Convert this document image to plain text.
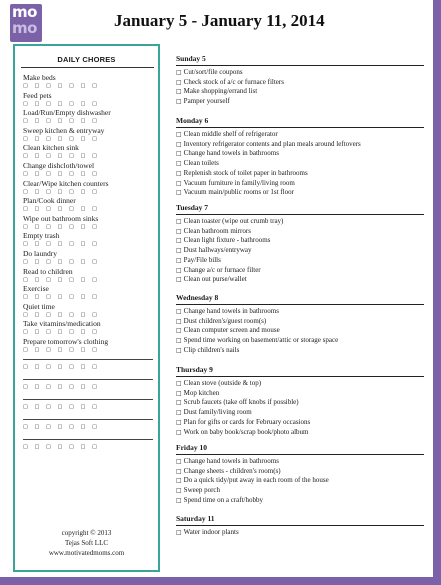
mo
mo	January 5 - January 11, 2014
DAILY CHORES
Make beds
□ □ □ □ □ □ □
Feed pets
□ □ □ □ □ □ □
Load/Run/Empty dishwasher
□ □ □ □ □ □ □
Sweep kitchen & entryway
□ □ □ □ □ □ □
Clean kitchen sink
□ □ □ □ □ □ □
Change dishcloth/towel
□ □ □ □ □ □ □
Clear/Wipe kitchen counters
□ □ □ □ □ □ □
Plan/Cook dinner
□ □ □ □ □ □ □
Wipe out bathroom sinks
□ □ □ □ □ □ □
Empty trash
□ □ □ □ □ □ □
Do laundry
□ □ □ □ □ □ □
Read to children
□ □ □ □ □ □ □
Exercise
□ □ □ □ □ □ □
Quiet time
□ □ □ □ □ □ □
Take vitamins/medication
□ □ □ □ □ □ □
Prepare tomorrow's clothing
□ □ □ □ □ □ □
□ □ □ □ □ □ □
□ □ □ □ □ □ □
□ □ □ □ □ □ □
□ □ □ □ □ □ □
□ □ □ □ □ □ □
copyright © 2013
Tejas Soft LLC
www.motivatedmoms.com
Sunday 5
□ Cut/sort/file coupons
□ Check stock of a/c or furnace filters
□ Make shopping/errand list
□ Pamper yourself
Monday 6
□ Clean middle shelf of refrigerator
□ Inventory refrigerator contents and plan meals around leftovers
□ Change hand towels in bathrooms
□ Clean toilets
□ Replenish stock of toilet paper in bathrooms
□ Vacuum furniture in family/living room
□ Vacuum main/public rooms or 1st floor
Tuesday 7
□ Clean toaster (wipe out crumb tray)
□ Clean bathroom mirrors
□ Clean light fixture - bathrooms
□ Dust hallways/entryway
□ Pay/File bills
□ Change a/c or furnace filter
□ Clean out purse/wallet
Wednesday 8
□ Change hand towels in bathrooms
□ Dust children's/guest room(s)
□ Clean computer screen and mouse
□ Spend time working on basement/attic or storage space
□ Clip children's nails
Thursday 9
□ Clean stove (outside & top)
□ Mop kitchen
□ Scrub faucets (take off knobs if possible)
□ Dust family/living room
□ Plan for gifts or cards for February occasions
□ Work on baby book/scrap book/photo album
Friday 10
□ Change hand towels in bathrooms
□ Change sheets - children's room(s)
□ Do a quick tidy/put away in each room of the house
□ Sweep porch
□ Spend time on a craft/hobby
Saturday 11
□ Water indoor plants
